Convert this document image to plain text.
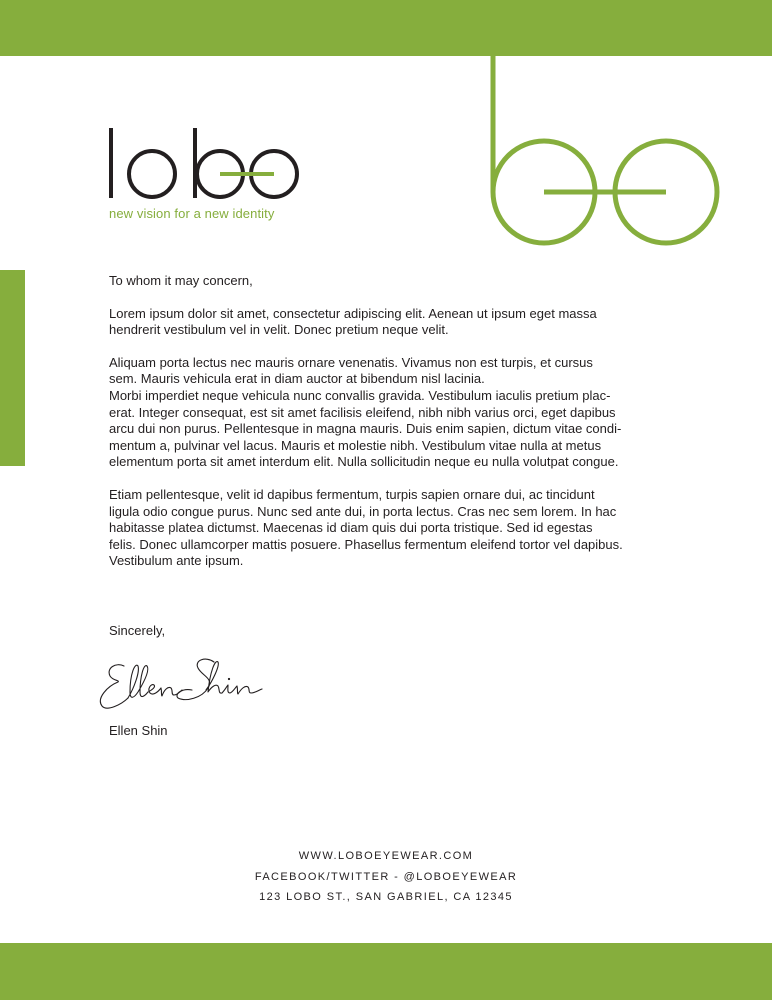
new vision for a new identity

To whom it may concern,

Lorem ipsum dolor sit amet, consectetur adipiscing elit. Aenean ut ipsum eget massa
hendrerit vestibulum vel in velit. Donec pretium neque velit.

Aliquam porta lectus nec mauris ornare venenatis. Vivamus non est turpis, et cursus
sem. Mauris vehicula erat in diam auctor at bibendum nisl lacinia.
Morbi imperdiet neque vehicula nunc convallis gravida. Vestibulum iaculis pretium plac-
erat. Integer consequat, est sit amet facilisis eleifend, nibh nibh varius orci, eget dapibus
arcu dui non purus. Pellentesque in magna mauris. Duis enim sapien, dictum vitae condi-
mentum a, pulvinar vel lacus. Mauris et molestie nibh. Vestibulum vitae nulla at metus
elementum porta sit amet interdum elit. Nulla sollicitudin neque eu nulla volutpat congue.

Etiam pellentesque, velit id dapibus fermentum, turpis sapien ornare dui, ac tincidunt
ligula odio congue purus. Nunc sed ante dui, in porta lectus. Cras nec sem lorem. In hac
habitasse platea dictumst. Maecenas id diam quis dui porta tristique. Sed id egestas
felis. Donec ullamcorper mattis posuere. Phasellus fermentum eleifend tortor vel dapibus.
Vestibulum ante ipsum.

Sincerely,
Ellen Shin
WWW.LOBOEYEWEAR.COM
FACEBOOK/TWITTER - @LOBOEYEWEAR
123 LOBO ST., SAN GABRIEL, CA 12345
